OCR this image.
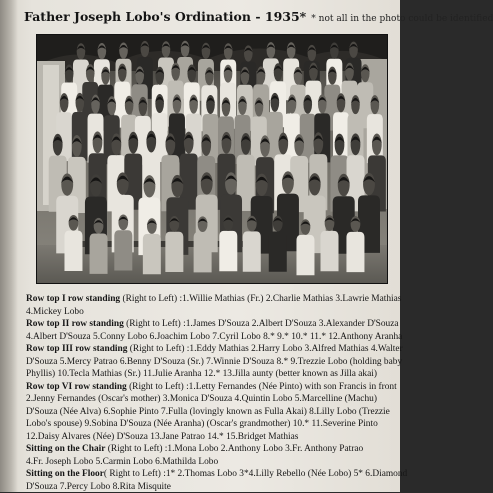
Father Joseph Lobo's Ordination - 1935* * not all in the photo could be identified
Row top I row standing (Right to Left) :1.Willie Mathias (Fr.) 2.Charlie Mathias 3.Lawrie Mathias
4.Mickey Lobo
Row top II row standing (Right to Left) :1.James D'Souza 2.Albert D'Souza 3.Alexander D'Souza
4.Albert D'Souza 5.Conny Lobo 6.Joachim Lobo 7.Cyril Lobo 8.* 9.* 10.* 11.* 12.Anthony Aranha
Row top III row standing (Right to Left) :1.Eddy Mathias 2.Harry Lobo 3.Alfred Mathias 4.Walter
D'Souza 5.Mercy Patrao 6.Benny D'Souza (Sr.) 7.Winnie D'Souza 8.* 9.Trezzie Lobo (holding baby
Phyllis) 10.Tecla Mathias (Sr.) 11.Julie Aranha 12.* 13.Jilla aunty (better known as Jilla akai)
Row top VI row standing (Right to Left) :1.Letty Fernandes (Née Pinto) with son Francis in front
2.Jenny Fernandes (Oscar's mother) 3.Monica D'Souza 4.Quintin Lobo 5.Marcelline (Machu)
D'Souza (Née Alva) 6.Sophie Pinto 7.Fulla (lovingly known as Fulla Akai) 8.Lilly Lobo (Trezzie
Lobo's spouse) 9.Sobina D'Souza (Née Aranha) (Oscar's grandmother) 10.* 11.Severine Pinto
12.Daisy Alvares (Née) D'Souza 13.Jane Patrao 14.* 15.Bridget Mathias
Sitting on the Chair (Right to Left) :1.Mona Lobo 2.Anthony Lobo 3.Fr. Anthony Patrao
4.Fr. Joseph Lobo 5.Carmin Lobo 6.Mathilda Lobo
Sitting on the Floor( Right to Left) :1* 2.Thomas Lobo 3*4.Lilly Rebello (Née Lobo) 5* 6.Diamond
D'Souza 7.Percy Lobo 8.Rita Misquite
